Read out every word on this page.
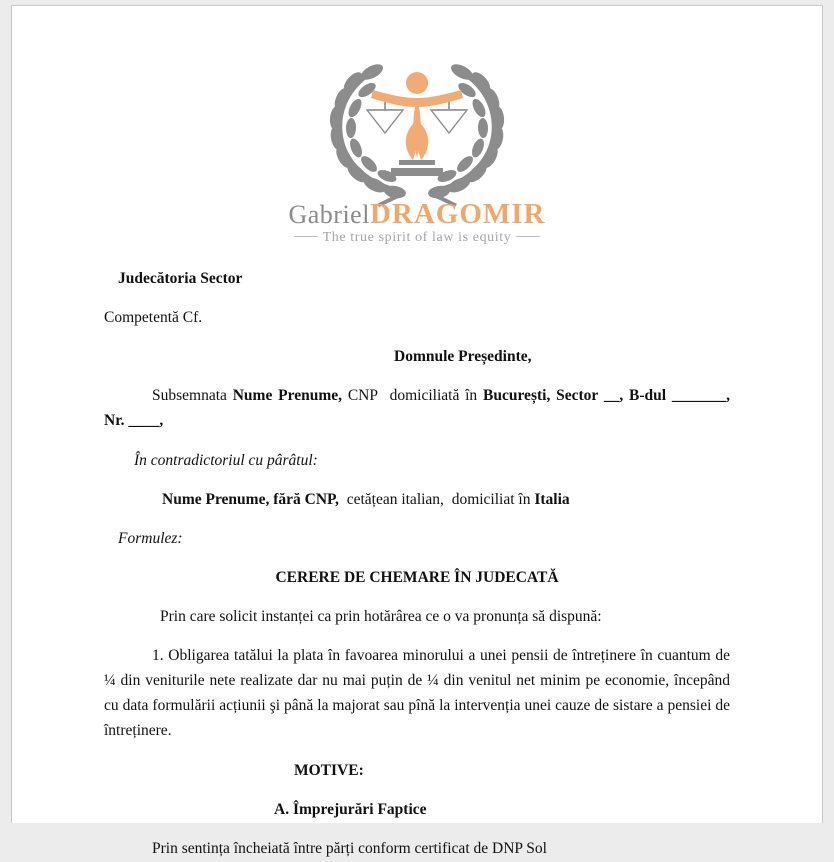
GabrielDRAGOMIR
The true spirit of law is equity

Judecătoria Sector

Competentă Cf.

Domnule Președinte,

Subsemnata Nume Prenume, CNP domiciliată în București, Sector __, B-dul _______, Nr. ____,

În contradictoriul cu pârâtul:

Nume Prenume, fără CNP, cetățean italian, domiciliat în Italia

Formulez:

CERERE DE CHEMARE ÎN JUDECATĂ

Prin care solicit instanței ca prin hotărârea ce o va pronunța să dispună:

1. Obligarea tatălui la plata în favoarea minorului a unei pensii de întreținere în cuantum de ¼ din veniturile nete realizate dar nu mai puțin de ¼ din venitul net minim pe economie, începând cu data formulării acțiunii şi până la majorat sau pînă la intervenția unei cauze de sistare a pensiei de întreținere.

MOTIVE:

A. Împrejurări Faptice

Prin sentința încheiată între părți conform certificat de DNP Sol
